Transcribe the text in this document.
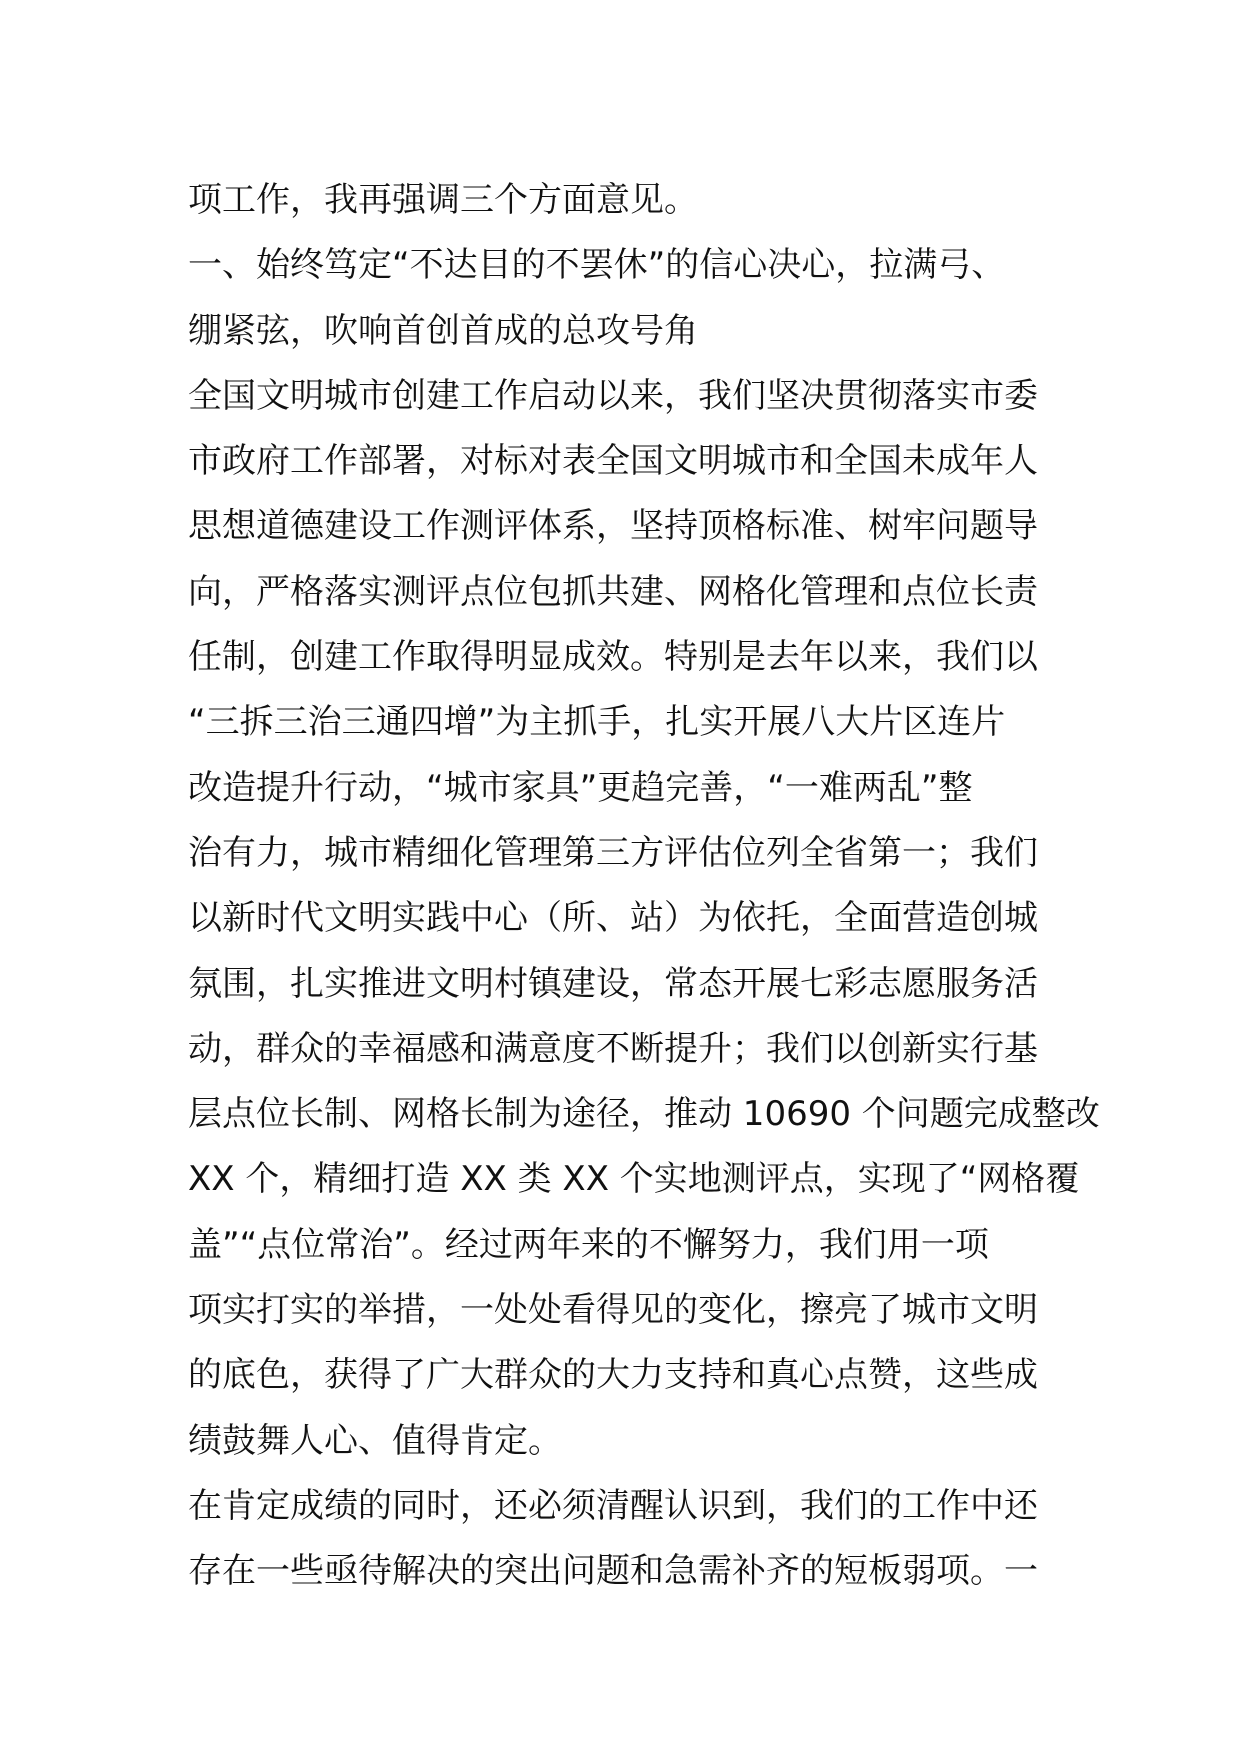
项工作，我再强调三个方面意见。
一、始终笃定“不达目的不罢休”的信心决心，拉满弓、
绷紧弦，吹响首创首成的总攻号角
全国文明城市创建工作启动以来，我们坚决贯彻落实市委
市政府工作部署，对标对表全国文明城市和全国未成年人
思想道德建设工作测评体系，坚持顶格标准、树牢问题导
向，严格落实测评点位包抓共建、网格化管理和点位长责
任制，创建工作取得明显成效。特别是去年以来，我们以
“三拆三治三通四增”为主抓手，扎实开展八大片区连片
改造提升行动，“城市家具”更趋完善，“一难两乱”整
治有力，城市精细化管理第三方评估位列全省第一；我们
以新时代文明实践中心（所、站）为依托，全面营造创城
氛围，扎实推进文明村镇建设，常态开展七彩志愿服务活
动，群众的幸福感和满意度不断提升；我们以创新实行基
层点位长制、网格长制为途径，推动 10690 个问题完成整改
XX 个，精细打造 XX 类 XX 个实地测评点，实现了“网格覆
盖”“点位常治”。经过两年来的不懈努力，我们用一项
项实打实的举措，一处处看得见的变化，擦亮了城市文明
的底色，获得了广大群众的大力支持和真心点赞，这些成
绩鼓舞人心、值得肯定。
在肯定成绩的同时，还必须清醒认识到，我们的工作中还
存在一些亟待解决的突出问题和急需补齐的短板弱项。一
